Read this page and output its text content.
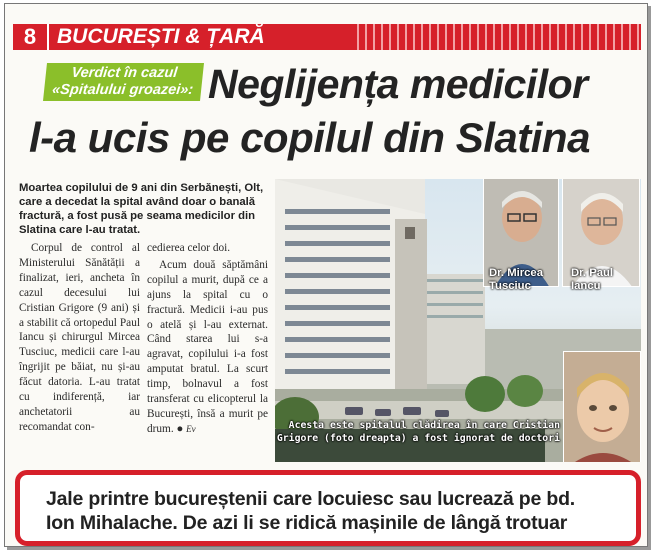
8 BUCUREȘTI & ȚARĂ
Verdict în cazul
«Spitalului groazei»: Neglijența medicilor
l-a ucis pe copilul din Slatina
Moartea copilului de 9 ani din Serbănești, Olt, care a decedat la spital având doar o banală fractură, a fost pusă pe seama medicilor din Slatina care l-au tratat.

Corpul de control al Ministerului Sănătății a finalizat, ieri, ancheta în cazul decesului lui Cristian Grigore (9 ani) și a stabilit că ortopedul Paul Iancu și chirurgul Mircea Tusciuc, medicii care l-au îngrijit pe băiat, nu și-au făcut datoria. L-au tratat cu indiferență, iar anchetatorii au recomandat con-

cedierea celor doi.

Acum două săptămâni copilul a murit, după ce a ajuns la spital cu o fractură. Medicii i-au pus o atelă și l-au externat. Când starea lui s-a agravat, copilului i-a fost amputat bratul. La scurt timp, bolnavul a fost transferat cu elicopterul la București, însă a murit pe drum. ● Ev

Dr. Mircea
Tusciuc
Dr. Paul
Iancu
Acesta este spitalul clădirea în care Cristian
Grigore (foto dreapta) a fost ignorat de doctori
Jale printre bucureștenii care locuiesc sau lucrează pe bd.
Ion Mihalache. De azi li se ridică mașinile de lângă trotuar
